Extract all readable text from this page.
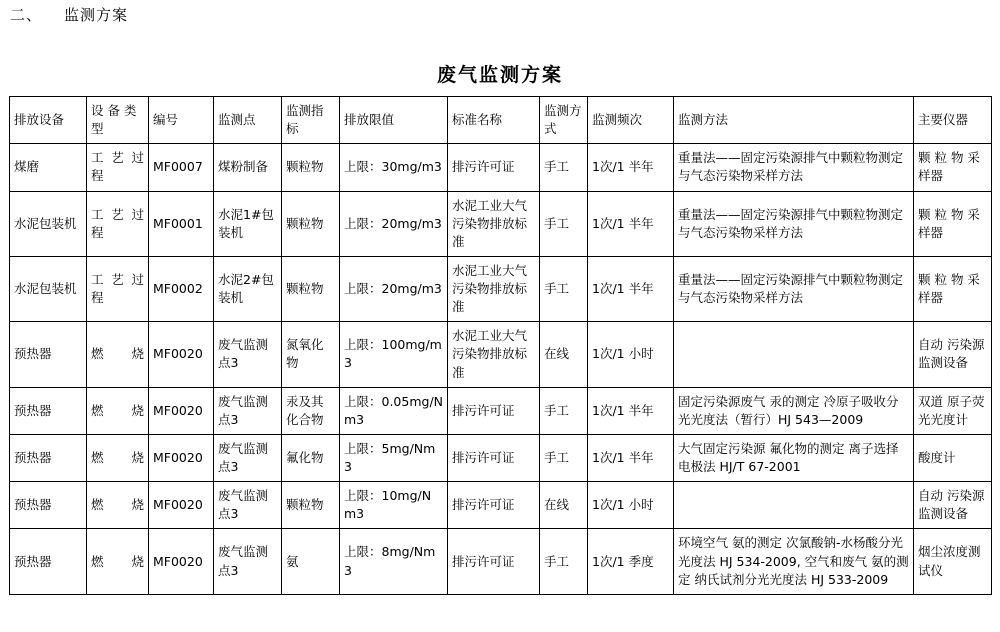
二、 监测方案
废气监测方案
排放设备	设 备 类型	编号	监测点	监测指标	排放限值	标准名称	监测方式	监测频次	监测方法	主要仪器
煤磨	工 艺 过程	MF0007	煤粉制备	颗粒物	上限：30mg/m3	排污许可证	手工	1次/1 半年	重量法——固定污染源排气中颗粒物测定与气态污染物采样方法	颗 粒 物 采样器
水泥包装机	工 艺 过程	MF0001	水泥1#包装机	颗粒物	上限：20mg/m3	水泥工业大气污染物排放标准	手工	1次/1 半年	重量法——固定污染源排气中颗粒物测定与气态污染物采样方法	颗 粒 物 采样器
水泥包装机	工 艺 过程	MF0002	水泥2#包装机	颗粒物	上限：20mg/m3	水泥工业大气污染物排放标准	手工	1次/1 半年	重量法——固定污染源排气中颗粒物测定与气态污染物采样方法	颗 粒 物 采样器
预热器	燃烧	MF0020	废气监测点3	氮氧化物	上限：100mg/m3	水泥工业大气污染物排放标准	在线	1次/1 小时		自动 污染源监测设备
预热器	燃烧	MF0020	废气监测点3	汞及其化合物	上限：0.05mg/Nm3	排污许可证	手工	1次/1 半年	固定污染源废气 汞的测定 冷原子吸收分光光度法（暂行）HJ 543—2009	双道 原子荧光光度计
预热器	燃烧	MF0020	废气监测点3	氟化物	上限：5mg/Nm3	排污许可证	手工	1次/1 半年	大气固定污染源 氟化物的测定 离子选择电极法 HJ/T 67-2001	酸度计
预热器	燃烧	MF0020	废气监测点3	颗粒物	上限：10mg/Nm3	排污许可证	在线	1次/1 小时		自动 污染源监测设备
预热器	燃烧	MF0020	废气监测点3	氨	上限：8mg/Nm3	排污许可证	手工	1次/1 季度	环境空气 氨的测定 次氯酸钠-水杨酸分光光度法 HJ 534-2009, 空气和废气 氨的测定 纳氏试剂分光光度法 HJ 533-2009	烟尘浓度测试仪
